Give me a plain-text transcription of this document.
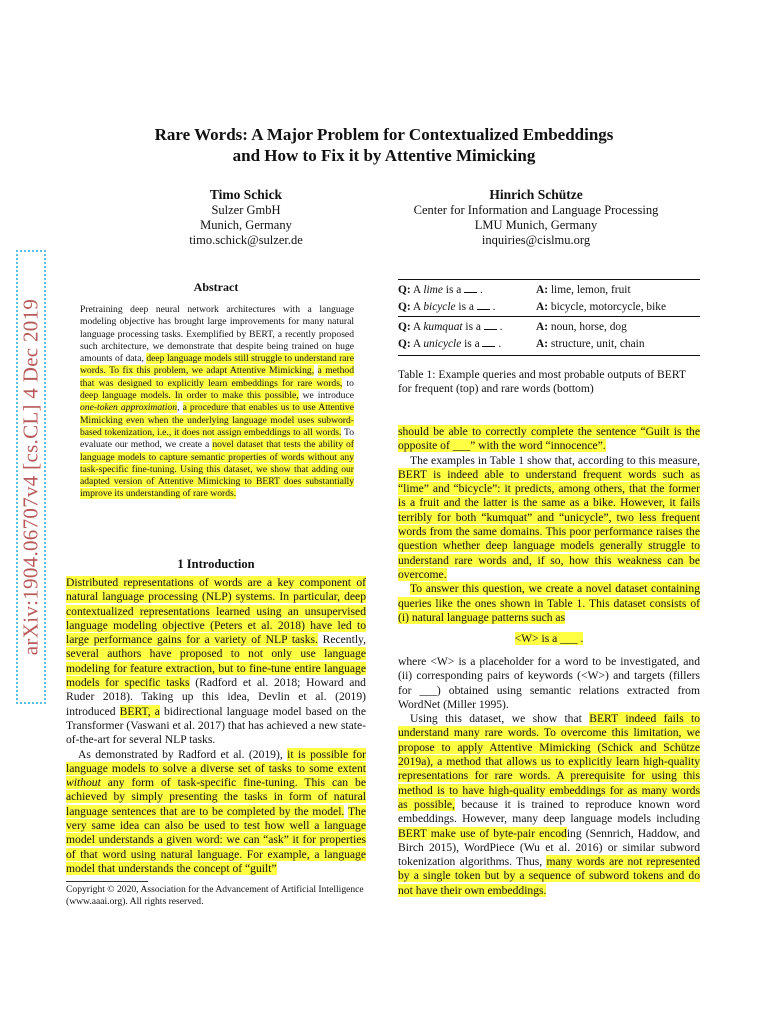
Rare Words: A Major Problem for Contextualized Embeddings
and How to Fix it by Attentive Mimicking
Timo Schick
Sulzer GmbH
Munich, Germany
timo.schick@sulzer.de
Hinrich Schütze
Center for Information and Language Processing
LMU Munich, Germany
inquiries@cislmu.org
arXiv:1904.06707v4 [cs.CL] 4 Dec 2019
Abstract
Pretraining deep neural network architectures with a language modeling objective has brought large improvements for many natural language processing tasks. Exemplified by BERT, a recently proposed such architecture, we demonstrate that despite being trained on huge amounts of data, deep language models still struggle to understand rare words. To fix this problem, we adapt Attentive Mimicking, a method that was designed to explicitly learn embeddings for rare words, to deep language models. In order to make this possible, we introduce one-token approximation, a procedure that enables us to use Attentive Mimicking even when the underlying language model uses subword-based tokenization, i.e., it does not assign embeddings to all words. To evaluate our method, we create a novel dataset that tests the ability of language models to capture semantic properties of words without any task-specific fine-tuning. Using this dataset, we show that adding our adapted version of Attentive Mimicking to BERT does substantially improve its understanding of rare words.
1 Introduction

Distributed representations of words are a key component of natural language processing (NLP) systems. In particular, deep contextualized representations learned using an unsupervised language modeling objective (Peters et al. 2018) have led to large performance gains for a variety of NLP tasks. Recently, several authors have proposed to not only use language modeling for feature extraction, but to fine-tune entire language models for specific tasks (Radford et al. 2018; Howard and Ruder 2018). Taking up this idea, Devlin et al. (2019) introduced BERT, a bidirectional language model based on the Transformer (Vaswani et al. 2017) that has achieved a new state-of-the-art for several NLP tasks.

As demonstrated by Radford et al. (2019), it is possible for language models to solve a diverse set of tasks to some extent without any form of task-specific fine-tuning. This can be achieved by simply presenting the tasks in form of natural language sentences that are to be completed by the model. The very same idea can also be used to test how well a language model understands a given word: we can “ask” it for properties of that word using natural language. For example, a language model that understands the concept of “guilt”

Copyright © 2020, Association for the Advancement of Artificial Intelligence (www.aaai.org). All rights reserved.
Q: A lime is a  .	A: lime, lemon, fruit
Q: A bicycle is a  .	A: bicycle, motorcycle, bike
Q: A kumquat is a  .	A: noun, horse, dog
Q: A unicycle is a  .	A: structure, unit, chain
Table 1: Example queries and most probable outputs of BERT for frequent (top) and rare words (bottom)

should be able to correctly complete the sentence “Guilt is the opposite of ___” with the word “innocence”.

The examples in Table 1 show that, according to this measure, BERT is indeed able to understand frequent words such as “lime” and “bicycle”: it predicts, among others, that the former is a fruit and the latter is the same as a bike. However, it fails terribly for both “kumquat” and “unicycle”, two less frequent words from the same domains. This poor performance raises the question whether deep language models generally struggle to understand rare words and, if so, how this weakness can be overcome.

To answer this question, we create a novel dataset containing queries like the ones shown in Table 1. This dataset consists of (i) natural language patterns such as

<W> is a ___ .

where <W> is a placeholder for a word to be investigated, and (ii) corresponding pairs of keywords (<W>) and targets (fillers for ___) obtained using semantic relations extracted from WordNet (Miller 1995).

Using this dataset, we show that BERT indeed fails to understand many rare words. To overcome this limitation, we propose to apply Attentive Mimicking (Schick and Schütze 2019a), a method that allows us to explicitly learn high-quality representations for rare words. A prerequisite for using this method is to have high-quality embeddings for as many words as possible, because it is trained to reproduce known word embeddings. However, many deep language models including BERT make use of byte-pair encoding (Sennrich, Haddow, and Birch 2015), WordPiece (Wu et al. 2016) or similar subword tokenization algorithms. Thus, many words are not represented by a single token but by a sequence of subword tokens and do not have their own embeddings.
